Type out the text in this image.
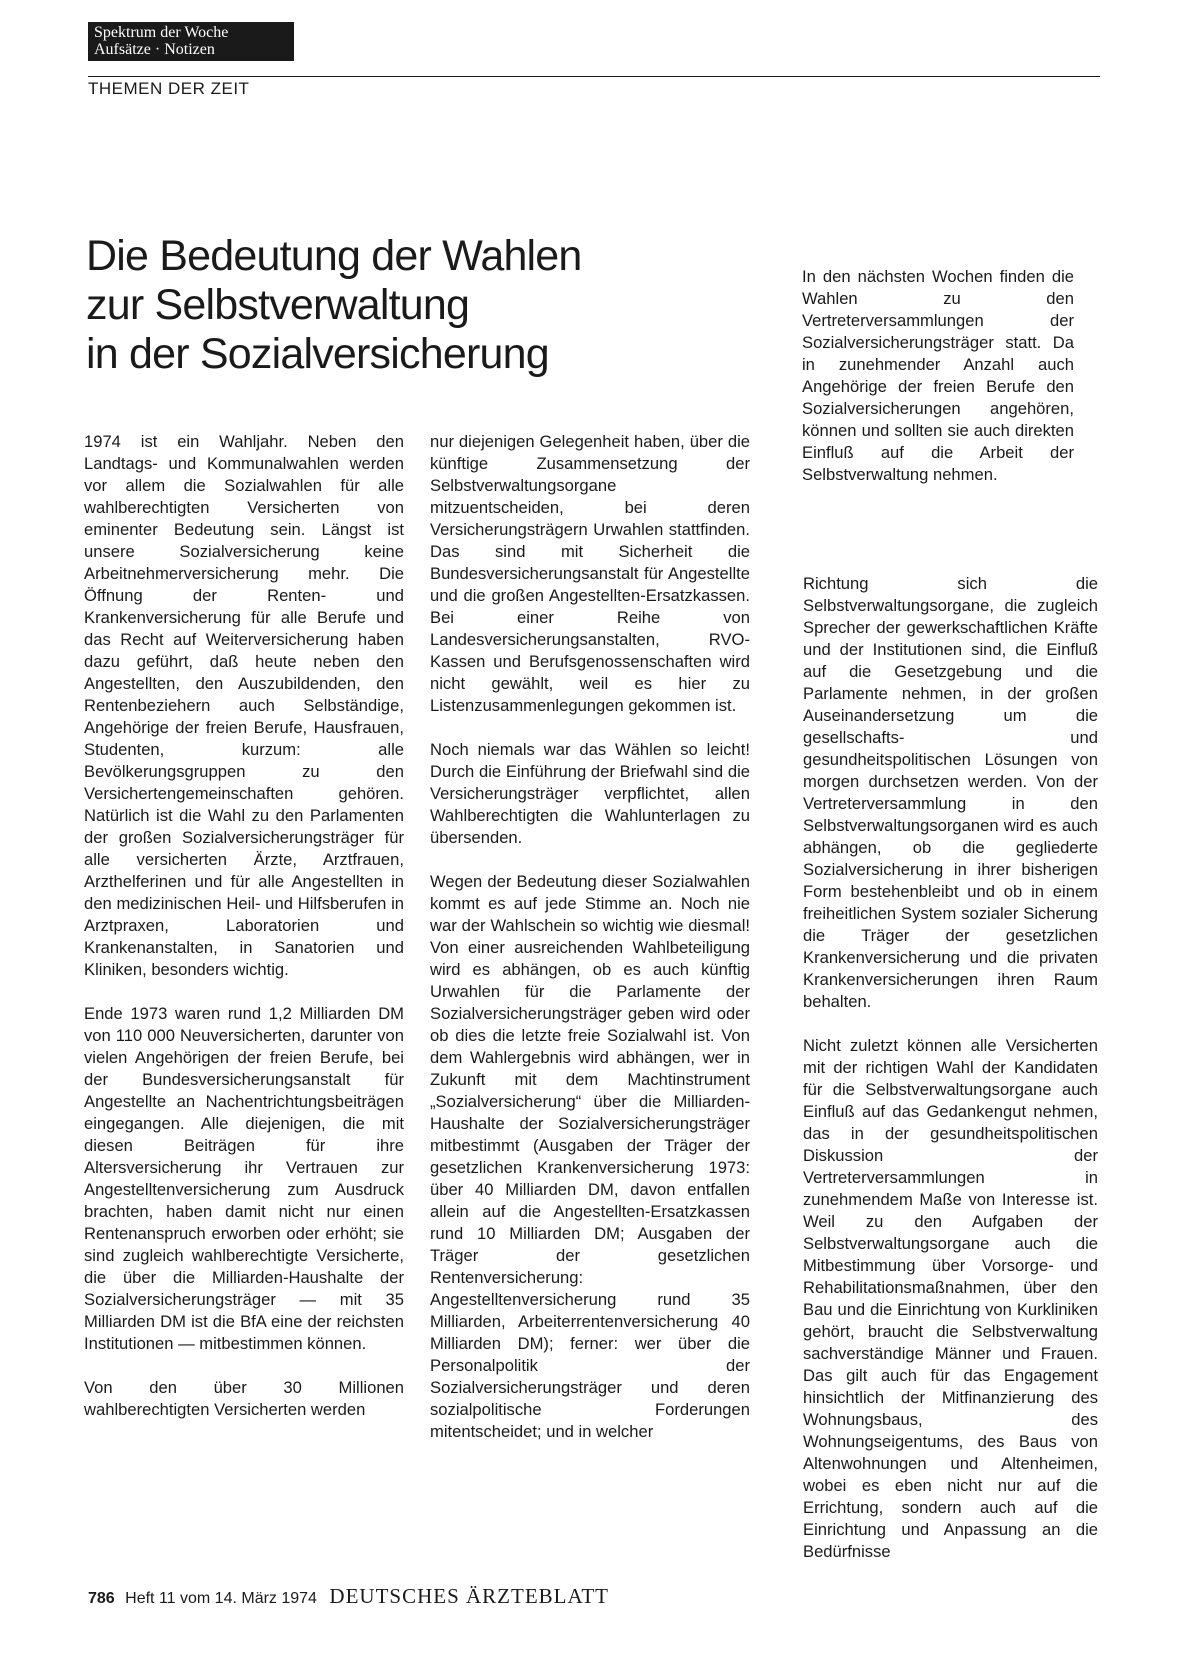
Spektrum der Woche
Aufsätze · Notizen
THEMEN DER ZEIT
Die Bedeutung der Wahlen
zur Selbstverwaltung
in der Sozialversicherung
In den nächsten Wochen finden die Wahlen zu den Vertreterversammlungen der Sozialversicherungsträger statt. Da in zunehmender Anzahl auch Angehörige der freien Berufe den Sozialversicherungen angehören, können und sollten sie auch direkten Einfluß auf die Arbeit der Selbstverwaltung nehmen.

1974 ist ein Wahljahr. Neben den Landtags- und Kommunalwahlen werden vor allem die Sozialwahlen für alle wahlberechtigten Versicherten von eminenter Bedeutung sein. Längst ist unsere Sozialversicherung keine Arbeitnehmerversicherung mehr. Die Öffnung der Renten- und Krankenversicherung für alle Berufe und das Recht auf Weiterversicherung haben dazu geführt, daß heute neben den Angestellten, den Auszubildenden, den Rentenbeziehern auch Selbständige, Angehörige der freien Berufe, Hausfrauen, Studenten, kurzum: alle Bevölkerungsgruppen zu den Versichertengemeinschaften gehören. Natürlich ist die Wahl zu den Parlamenten der großen Sozialversicherungsträger für alle versicherten Ärzte, Arztfrauen, Arzthelferinen und für alle Angestellten in den medizinischen Heil- und Hilfsberufen in Arztpraxen, Laboratorien und Krankenanstalten, in Sanatorien und Kliniken, besonders wichtig.

Ende 1973 waren rund 1,2 Milliarden DM von 110 000 Neuversicherten, darunter von vielen Angehörigen der freien Berufe, bei der Bundesversicherungsanstalt für Angestellte an Nachentrichtungsbeiträgen eingegangen. Alle diejenigen, die mit diesen Beiträgen für ihre Altersversicherung ihr Vertrauen zur Angestelltenversicherung zum Ausdruck brachten, haben damit nicht nur einen Rentenanspruch erworben oder erhöht; sie sind zugleich wahlberechtigte Versicherte, die über die Milliarden-Haushalte der Sozialversicherungsträger — mit 35 Milliarden DM ist die BfA eine der reichsten Institutionen — mitbestimmen können.

Von den über 30 Millionen wahlberechtigten Versicherten werden

nur diejenigen Gelegenheit haben, über die künftige Zusammensetzung der Selbstverwaltungsorgane mitzuentscheiden, bei deren Versicherungsträgern Urwahlen stattfinden. Das sind mit Sicherheit die Bundesversicherungsanstalt für Angestellte und die großen Angestellten-Ersatzkassen. Bei einer Reihe von Landesversicherungsanstalten, RVO-Kassen und Berufsgenossenschaften wird nicht gewählt, weil es hier zu Listenzusammenlegungen gekommen ist.

Noch niemals war das Wählen so leicht! Durch die Einführung der Briefwahl sind die Versicherungsträger verpflichtet, allen Wahlberechtigten die Wahlunterlagen zu übersenden.

Wegen der Bedeutung dieser Sozialwahlen kommt es auf jede Stimme an. Noch nie war der Wahlschein so wichtig wie diesmal! Von einer ausreichenden Wahlbeteiligung wird es abhängen, ob es auch künftig Urwahlen für die Parlamente der Sozialversicherungsträger geben wird oder ob dies die letzte freie Sozialwahl ist. Von dem Wahlergebnis wird abhängen, wer in Zukunft mit dem Machtinstrument „Sozialversicherung“ über die Milliarden-Haushalte der Sozialversicherungsträger mitbestimmt (Ausgaben der Träger der gesetzlichen Krankenversicherung 1973: über 40 Milliarden DM, davon entfallen allein auf die Angestellten-Ersatzkassen rund 10 Milliarden DM; Ausgaben der Träger der gesetzlichen Rentenversicherung: Angestelltenversicherung rund 35 Milliarden, Arbeiterrentenversicherung 40 Milliarden DM); ferner: wer über die Personalpolitik der Sozialversicherungsträger und deren sozialpolitische Forderungen mitentscheidet; und in welcher

Richtung sich die Selbstverwaltungsorgane, die zugleich Sprecher der gewerkschaftlichen Kräfte und der Institutionen sind, die Einfluß auf die Gesetzgebung und die Parlamente nehmen, in der großen Auseinandersetzung um die gesellschafts- und gesundheitspolitischen Lösungen von morgen durchsetzen werden. Von der Vertreterversammlung in den Selbstverwaltungsorganen wird es auch abhängen, ob die gegliederte Sozialversicherung in ihrer bisherigen Form bestehenbleibt und ob in einem freiheitlichen System sozialer Sicherung die Träger der gesetzlichen Krankenversicherung und die privaten Krankenversicherungen ihren Raum behalten.

Nicht zuletzt können alle Versicherten mit der richtigen Wahl der Kandidaten für die Selbstverwaltungsorgane auch Einfluß auf das Gedankengut nehmen, das in der gesundheitspolitischen Diskussion der Vertreterversammlungen in zunehmendem Maße von Interesse ist. Weil zu den Aufgaben der Selbstverwaltungsorgane auch die Mitbestimmung über Vorsorge- und Rehabilitationsmaßnahmen, über den Bau und die Einrichtung von Kurkliniken gehört, braucht die Selbstverwaltung sachverständige Männer und Frauen. Das gilt auch für das Engagement hinsichtlich der Mitfinanzierung des Wohnungsbaus, des Wohnungseigentums, des Baus von Altenwohnungen und Altenheimen, wobei es eben nicht nur auf die Errichtung, sondern auch auf die Einrichtung und Anpassung an die Bedürfnisse

786 Heft 11 vom 14. März 1974 DEUTSCHES ÄRZTEBLATT
